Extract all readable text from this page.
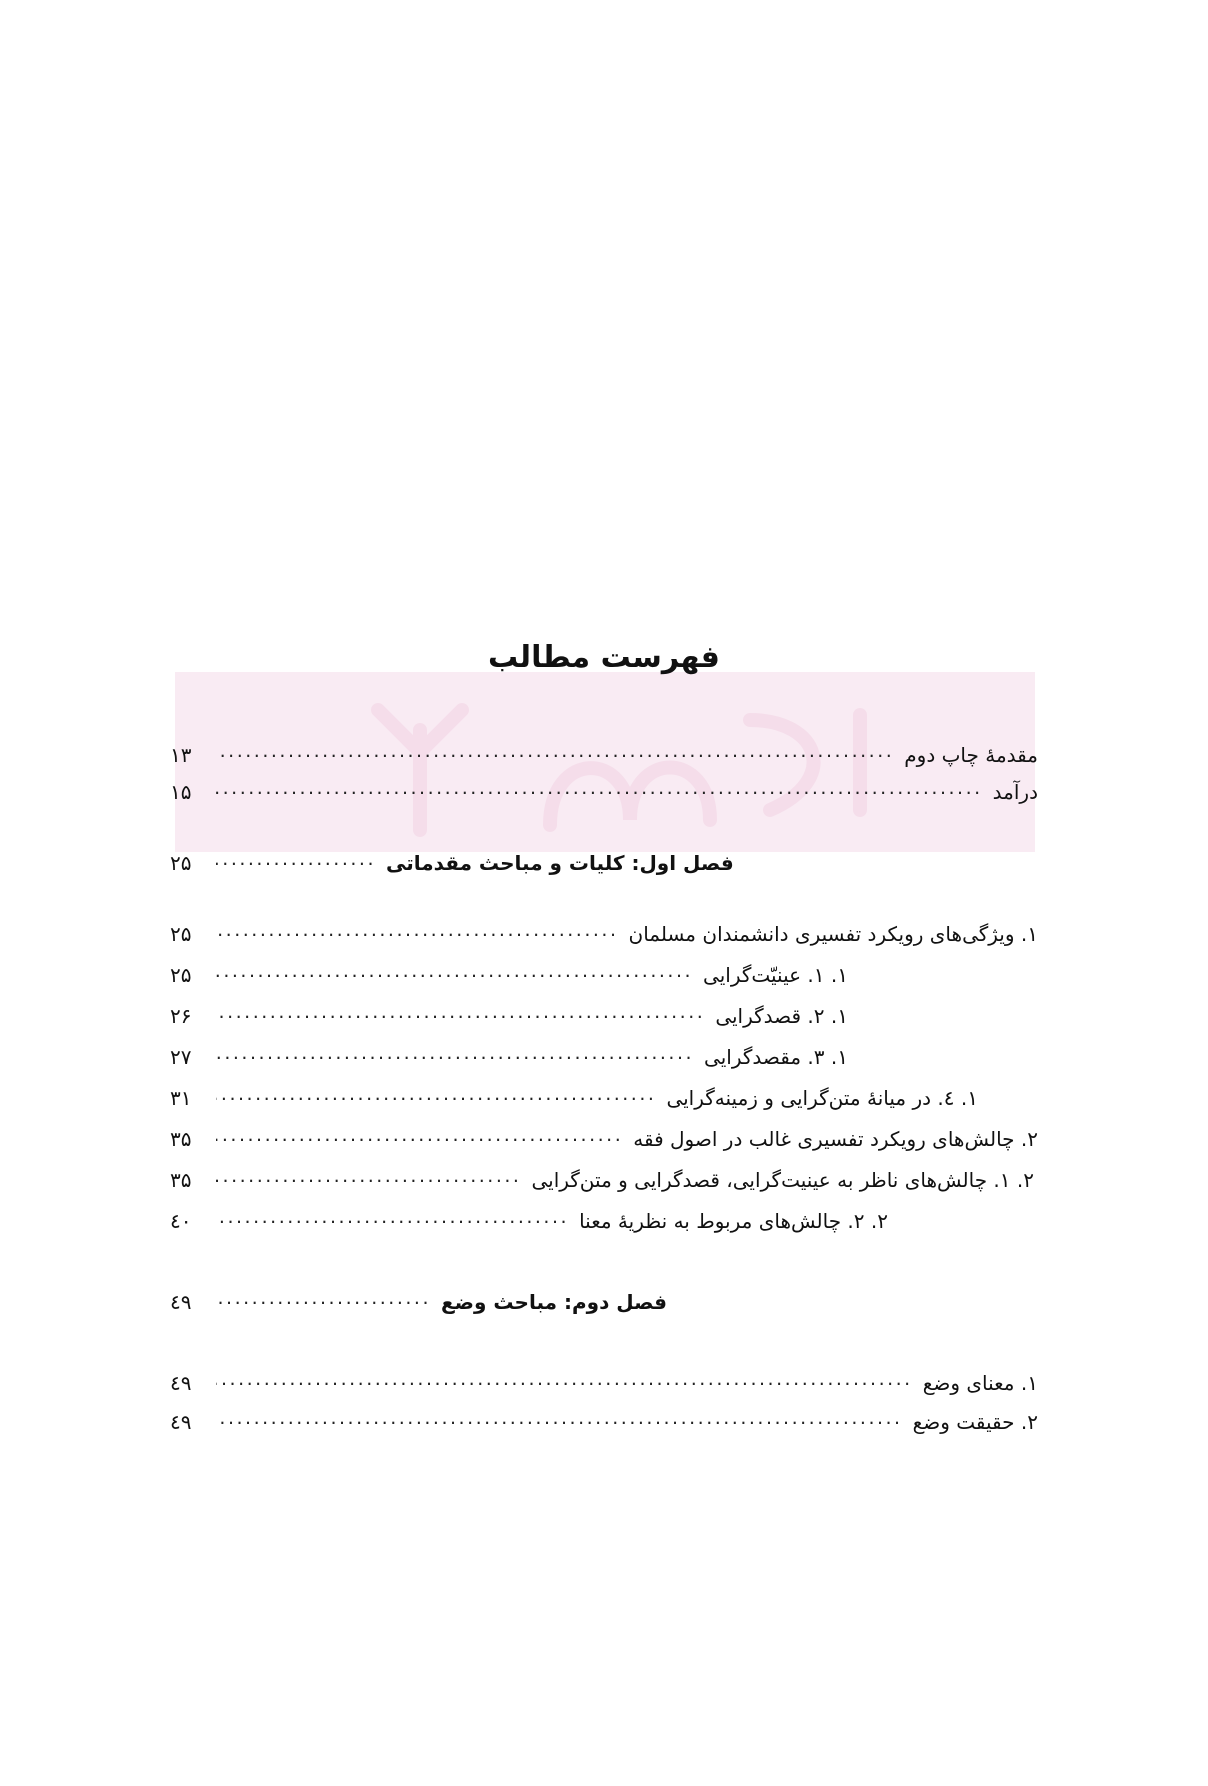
فهرست مطالب
مقدمهٔ چاپ دوم
.....
۱۳
درآمد
.....
۱۵
فصل اول: کلیات و مباحث مقدماتی
.....
۲۵
۱. ویژگی‌های رویکرد تفسیری دانشمندان مسلمان
.....
۲۵
۱. ۱. عینیّت‌گرایی
.....
۲۵
۱. ۲. قصدگرایی
.....
۲۶
۱. ۳. مقصدگرایی
.....
۲۷
۱. ٤. در میانهٔ متن‌گرایی و زمینه‌گرایی
.....
۳۱
۲. چالش‌های رویکرد تفسیری غالب در اصول فقه
.....
۳۵
۲. ۱. چالش‌های ناظر به عینیت‌گرایی، قصدگرایی و متن‌گرایی
.....
۳۵
۲. ۲. چالش‌های مربوط به نظریهٔ معنا
.....
٤۰
فصل دوم: مباحث وضع
.....
٤۹
۱. معنای وضع
.....
٤۹
۲. حقیقت وضع
.....
٤۹
